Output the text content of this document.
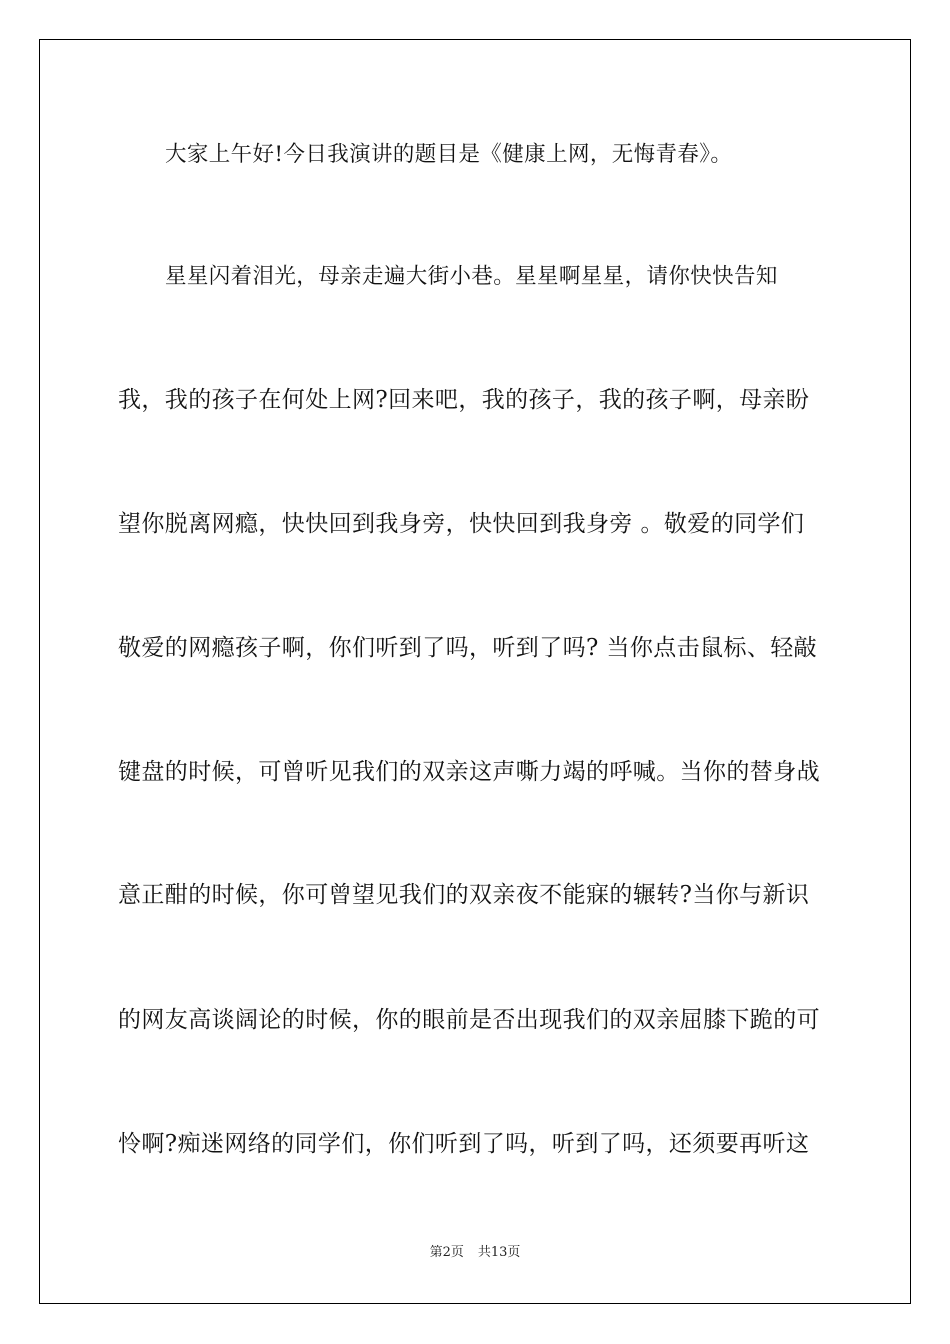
大家上午好!今日我演讲的题目是《健康上网，无悔青春》。
星星闪着泪光，母亲走遍大街小巷。星星啊星星，请你快快告知
我，我的孩子在何处上网?回来吧，我的孩子，我的孩子啊，母亲盼
望你脱离网瘾，快快回到我身旁，快快回到我身旁 。敬爱的同学们
敬爱的网瘾孩子啊，你们听到了吗，听到了吗? 当你点击鼠标、轻敲
键盘的时候，可曾听见我们的双亲这声嘶力竭的呼喊。当你的替身战
意正酣的时候，你可曾望见我们的双亲夜不能寐的辗转?当你与新识
的网友高谈阔论的时候，你的眼前是否出现我们的双亲屈膝下跪的可
怜啊?痴迷网络的同学们，你们听到了吗，听到了吗，还须要再听这
第2页 共13页
